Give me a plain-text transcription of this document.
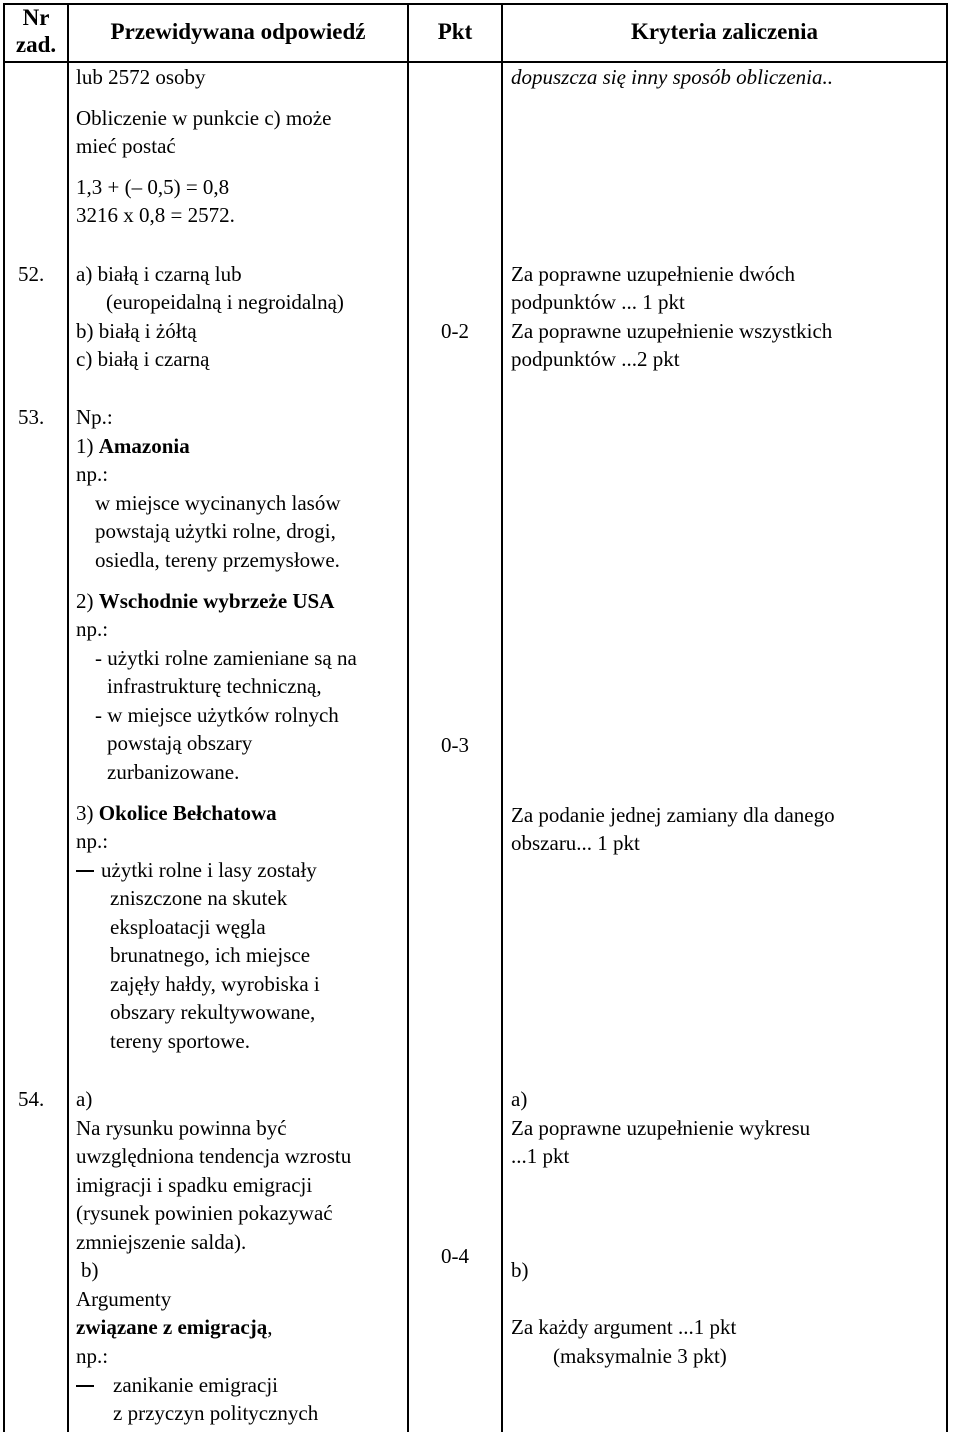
Nr
zad.
Przewidywana odpowiedź	Pkt	Kryteria zaliczenia
lub 2572 osoby
Obliczenie w punkcie c) może
mieć postać
1,3 + (– 0,5) = 0,8
3216 x 0,8 = 2572.
dopuszcza się inny sposób obliczenia..
52. a) białą i czarną lub
(europeidalną i negroidalną)
b) białą i żółtą
c) białą i czarną
0-2
Za poprawne uzupełnienie dwóch
podpunktów ... 1 pkt
Za poprawne uzupełnienie wszystkich
podpunktów ...2 pkt
53. Np.:
1) Amazonia
np.:
w miejsce wycinanych lasów
powstają użytki rolne, drogi,
osiedla, tereny przemysłowe.
2) Wschodnie wybrzeże USA
np.:
- użytki rolne zamieniane są na
infrastrukturę techniczną,
- w miejsce użytków rolnych
powstają obszary
zurbanizowane.
3) Okolice Bełchatowa
np.:
użytki rolne i lasy zostały
zniszczone na skutek
eksploatacji węgla
brunatnego, ich miejsce
zajęły hałdy, wyrobiska i
obszary rekultywowane,
tereny sportowe.
0-3
Za podanie jednej zamiany dla danego
obszaru... 1 pkt
54. a)
Na rysunku powinna być
uwzględniona tendencja wzrostu
imigracji i spadku emigracji
(rysunek powinien pokazywać
zmniejszenie salda).
b)
Argumenty
związane z emigracją,
np.:
zanikanie emigracji
z przyczyn politycznych
0-4
a)
Za poprawne uzupełnienie wykresu
...1 pkt
b)
Za każdy argument ...1 pkt
(maksymalnie 3 pkt)
